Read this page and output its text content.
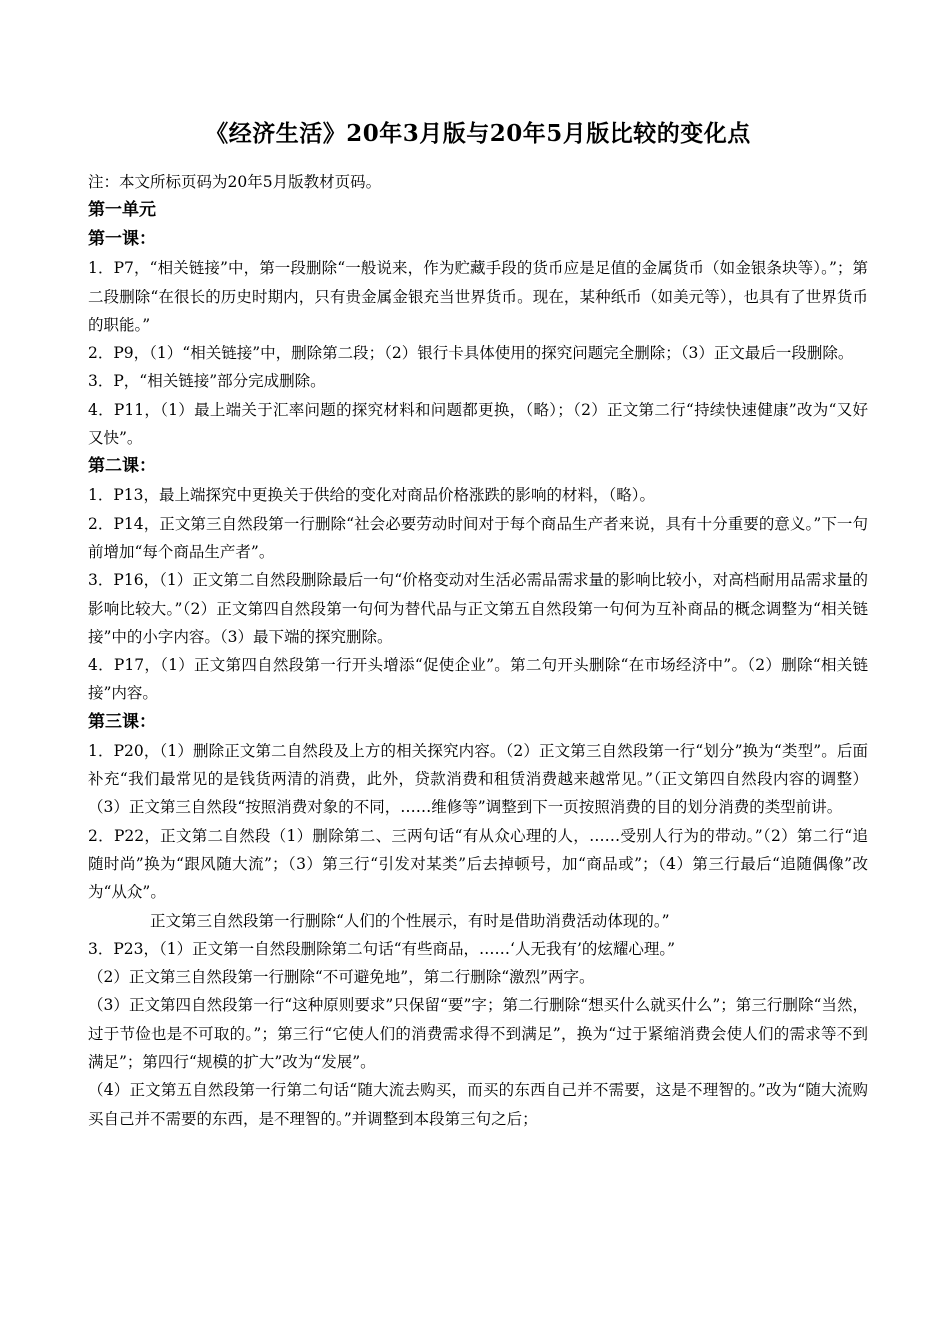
《经济生活》20年3月版与20年5月版比较的变化点

注：本文所标页码为20年5月版教材页码。

第一单元
第一课：

1．P7，“相关链接”中，第一段删除“一般说来，作为贮藏手段的货币应是足值的金属货币（如金银条块等）。”；第二段删除“在很长的历史时期内，只有贵金属金银充当世界货币。现在，某种纸币（如美元等），也具有了世界货币的职能。”

2．P9，（1）“相关链接”中，删除第二段；（2）银行卡具体使用的探究问题完全删除；（3）正文最后一段删除。

3．P，“相关链接”部分完成删除。

4．P11，（1）最上端关于汇率问题的探究材料和问题都更换，（略）；（2）正文第二行“持续快速健康”改为“又好又快”。

第二课：

1．P13，最上端探究中更换关于供给的变化对商品价格涨跌的影响的材料，（略）。

2．P14，正文第三自然段第一行删除“社会必要劳动时间对于每个商品生产者来说，具有十分重要的意义。”下一句前增加“每个商品生产者”。

3．P16，（1）正文第二自然段删除最后一句“价格变动对生活必需品需求量的影响比较小，对高档耐用品需求量的影响比较大。”（2）正文第四自然段第一句何为替代品与正文第五自然段第一句何为互补商品的概念调整为“相关链接”中的小字内容。（3）最下端的探究删除。

4．P17，（1）正文第四自然段第一行开头增添“促使企业”。第二句开头删除“在市场经济中”。（2）删除“相关链接”内容。

第三课：

1．P20，（1）删除正文第二自然段及上方的相关探究内容。（2）正文第三自然段第一行“划分”换为“类型”。后面补充“我们最常见的是钱货两清的消费，此外，贷款消费和租赁消费越来越常见。”（正文第四自然段内容的调整）（3）正文第三自然段“按照消费对象的不同，……维修等”调整到下一页按照消费的目的划分消费的类型前讲。

2．P22，正文第二自然段（1）删除第二、三两句话“有从众心理的人，……受别人行为的带动。”（2）第二行“追随时尚”换为“跟风随大流”；（3）第三行“引发对某类”后去掉顿号，加“商品或”；（4）第三行最后“追随偶像”改为“从众”。

正文第三自然段第一行删除“人们的个性展示，有时是借助消费活动体现的。”

3．P23，（1）正文第一自然段删除第二句话“有些商品，……‘人无我有’的炫耀心理。”

（2）正文第三自然段第一行删除“不可避免地”，第二行删除“激烈”两字。

（3）正文第四自然段第一行“这种原则要求”只保留“要”字；第二行删除“想买什么就买什么”；第三行删除“当然，过于节俭也是不可取的。”；第三行“它使人们的消费需求得不到满足”，换为“过于紧缩消费会使人们的需求等不到满足”；第四行“规模的扩大”改为“发展”。

（4）正文第五自然段第一行第二句话“随大流去购买，而买的东西自己并不需要，这是不理智的。”改为“随大流购买自己并不需要的东西，是不理智的。”并调整到本段第三句之后；
